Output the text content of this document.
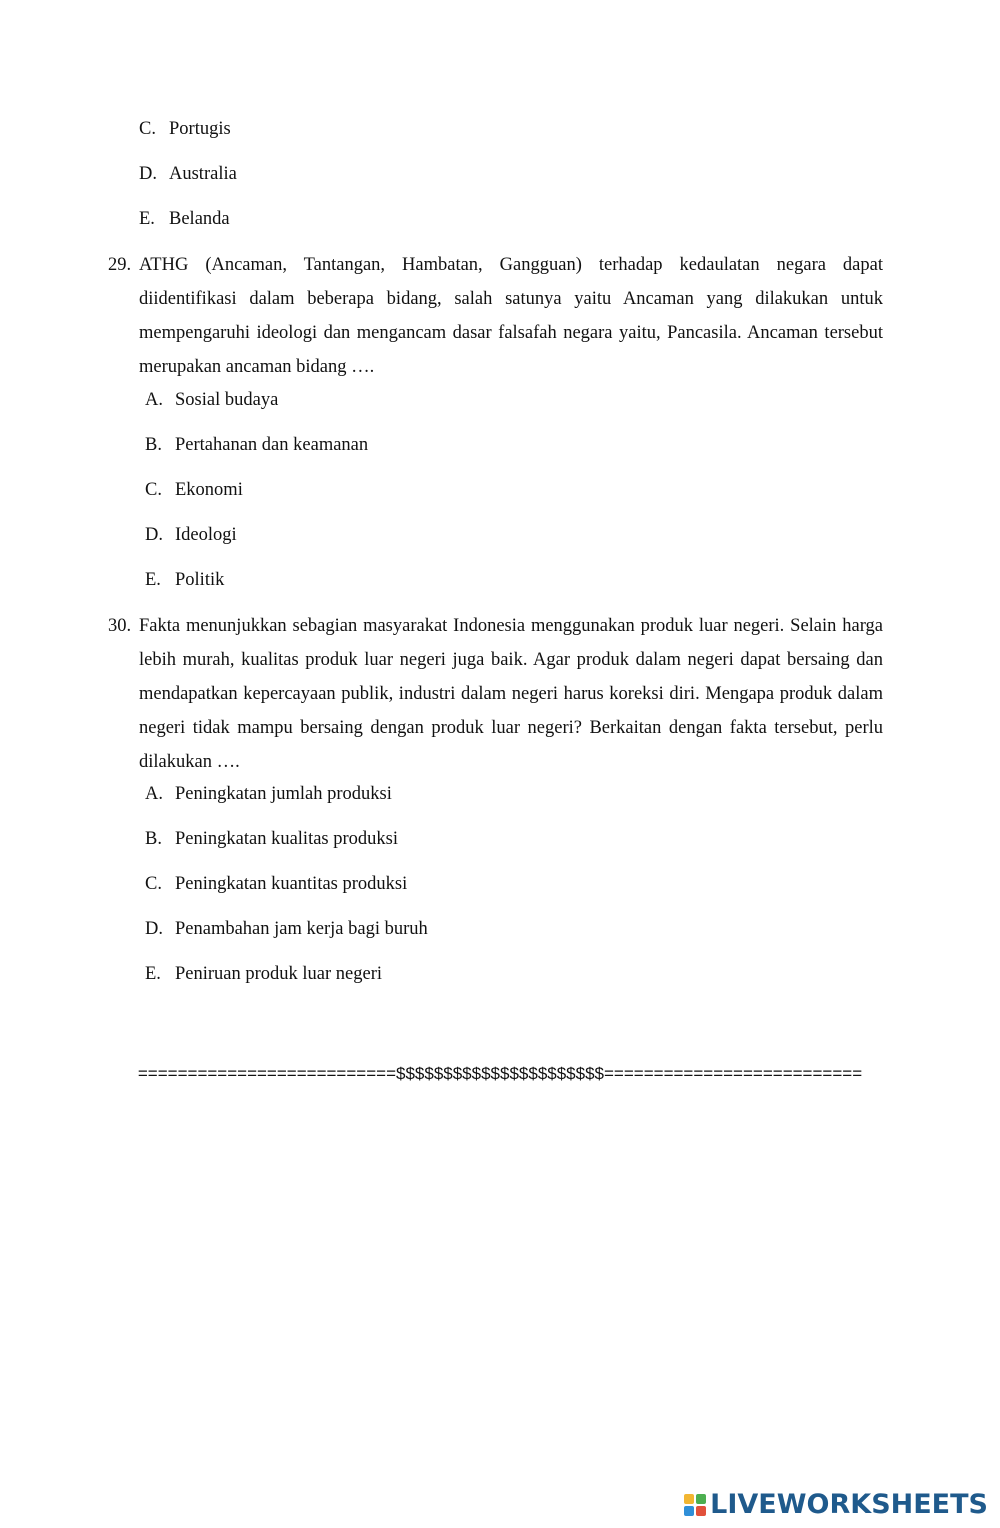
C. Portugis
D. Australia
E. Belanda
29. ATHG (Ancaman, Tantangan, Hambatan, Gangguan) terhadap kedaulatan negara dapat diidentifikasi dalam beberapa bidang, salah satunya yaitu Ancaman yang dilakukan untuk mempengaruhi ideologi dan mengancam dasar falsafah negara yaitu, Pancasila. Ancaman tersebut merupakan ancaman bidang ….
A. Sosial budaya
B. Pertahanan dan keamanan
C. Ekonomi
D. Ideologi
E. Politik
30. Fakta menunjukkan sebagian masyarakat Indonesia menggunakan produk luar negeri. Selain harga lebih murah, kualitas produk luar negeri juga baik. Agar produk dalam negeri dapat bersaing dan mendapatkan kepercayaan publik, industri dalam negeri harus koreksi diri. Mengapa produk dalam negeri tidak mampu bersaing dengan produk luar negeri? Berkaitan dengan fakta tersebut, perlu dilakukan ….
A. Peningkatan jumlah produksi
B. Peningkatan kualitas produksi
C. Peningkatan kuantitas produksi
D. Penambahan jam kerja bagi buruh
E. Peniruan produk luar negeri
==========================$$$$$$$$$$$$$$$$$$$$$$==========================
LIVEWORKSHEETS
